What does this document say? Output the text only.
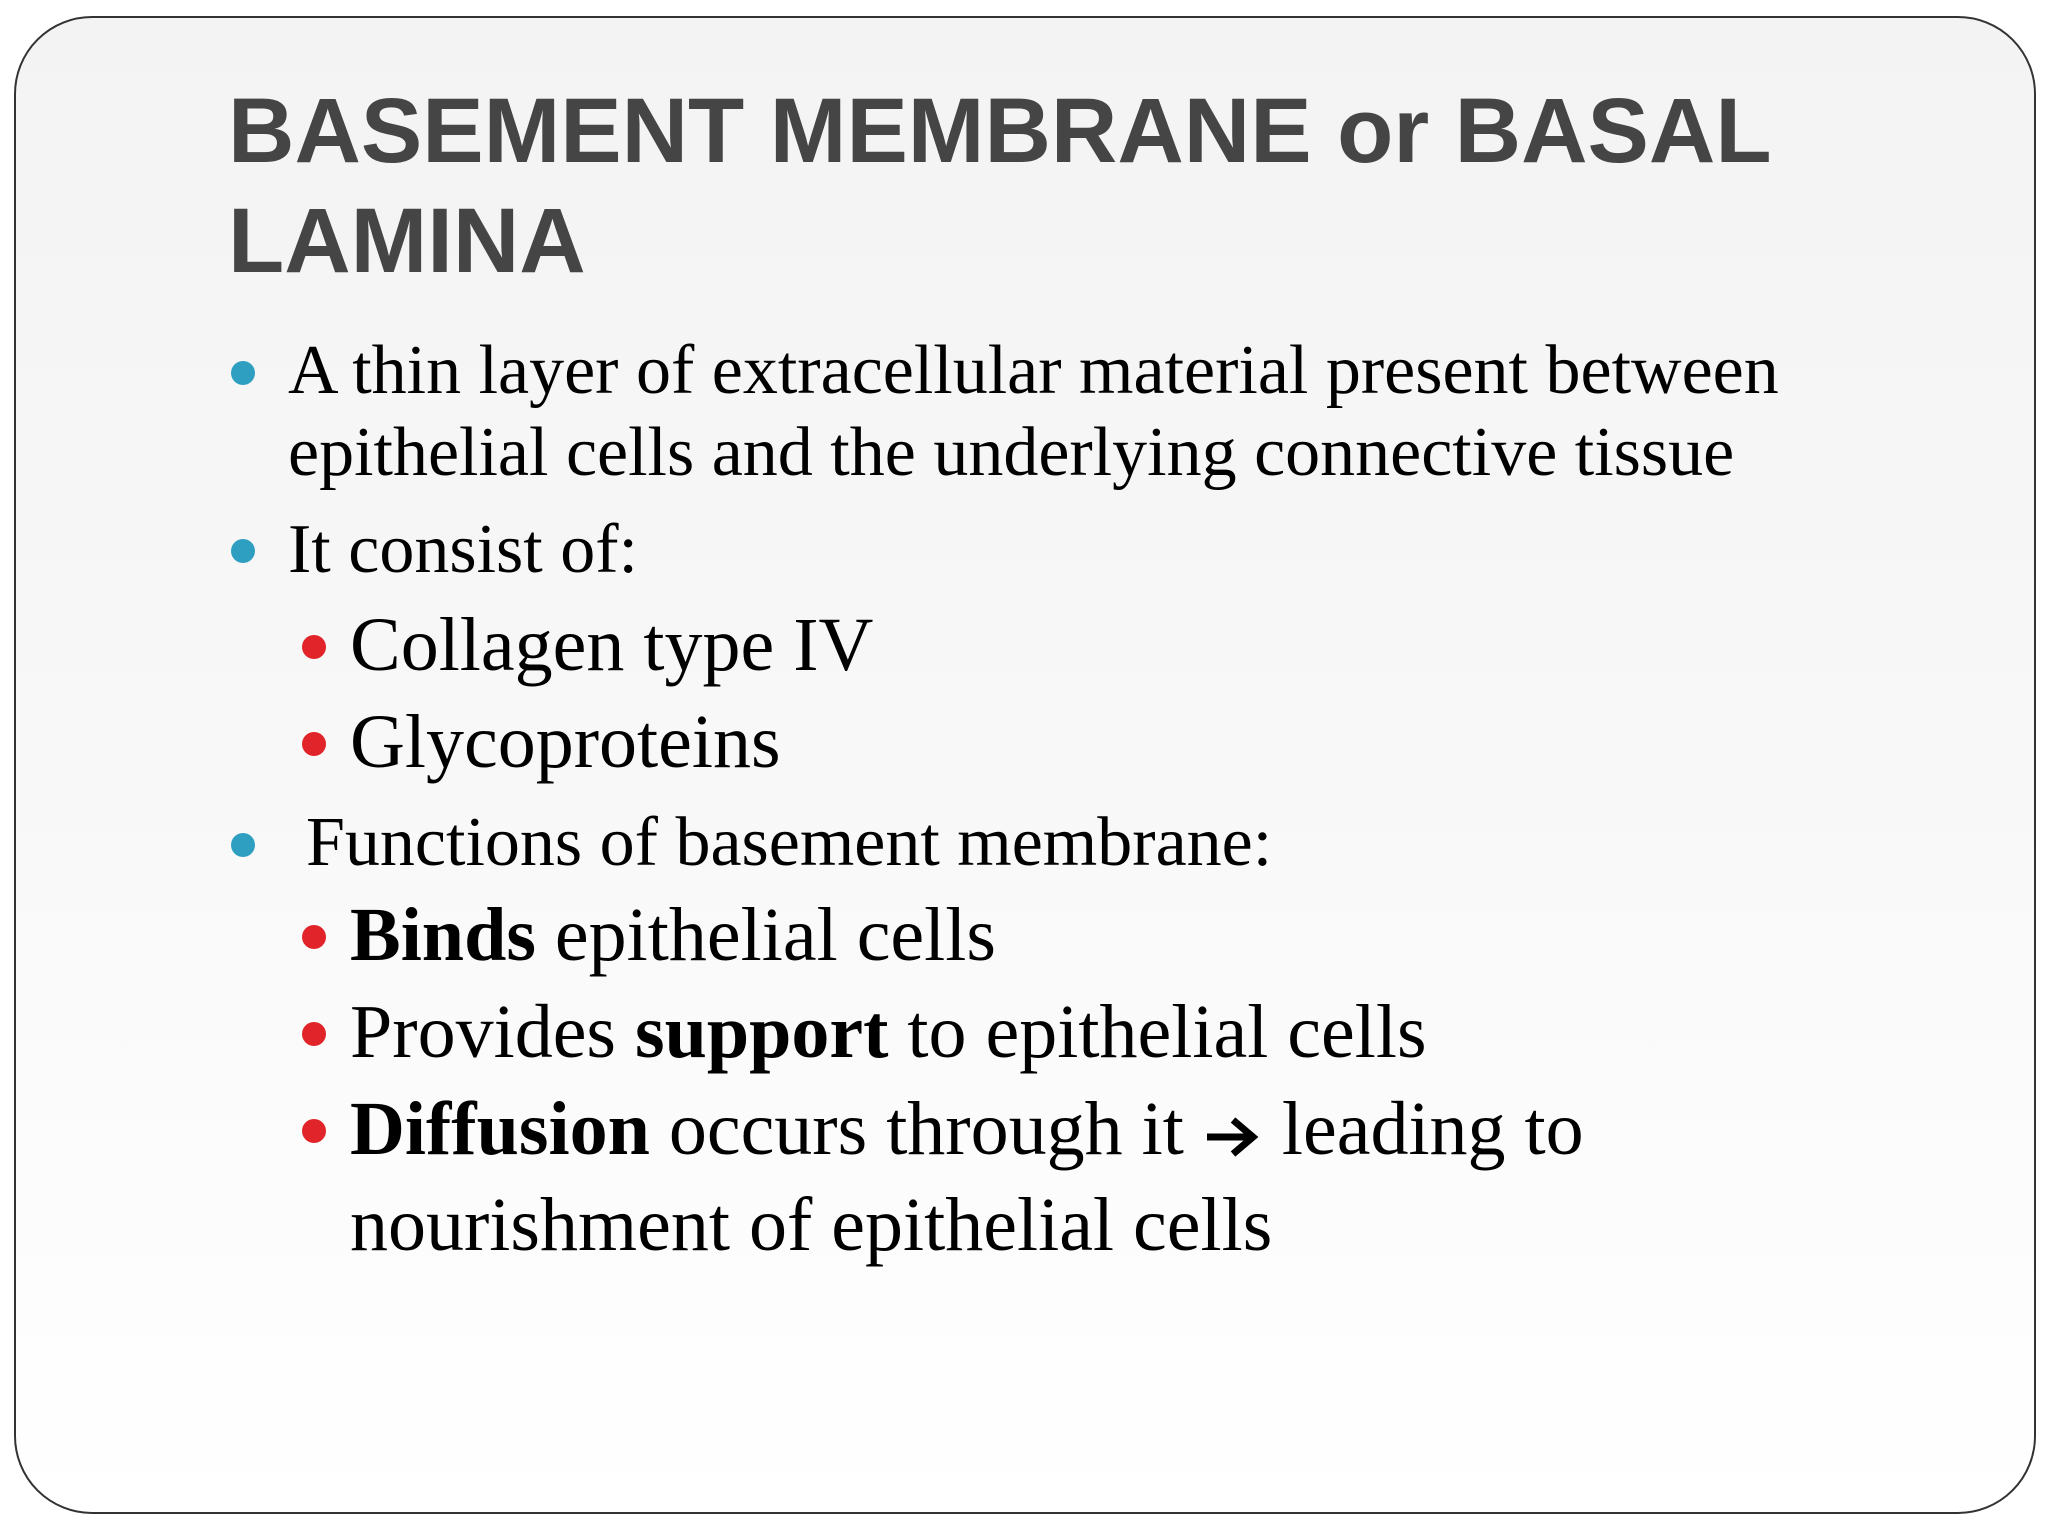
BASEMENT MEMBRANE or BASAL LAMINA
A thin layer of extracellular material present between epithelial cells and the underlying connective tissue
It consist of:
Collagen type IV
Glycoproteins
Functions of basement membrane:
Binds epithelial cells
Provides support to epithelial cells
Diffusion occurs through it  leading to nourishment of epithelial cells
